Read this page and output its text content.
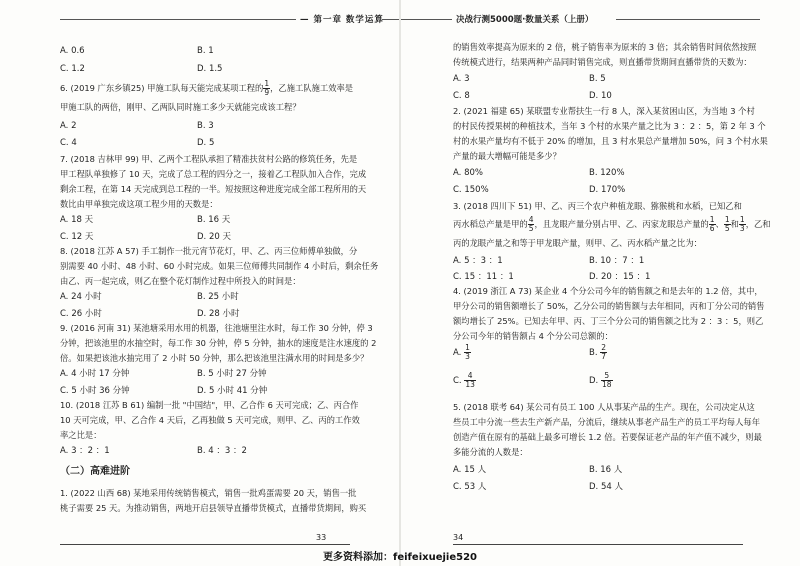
— 第一章 数学运算	决战行测5000题·数量关系（上册）

A. 0.6	B. 1

C. 1.2	D. 1.5

6. (2019 广东乡镇25) 甲施工队每天能完成某项工程的 $\frac{1}{9}$ ，乙施工队施工效率是

甲施工队的两倍，刚甲、乙两队同时施工多少天就能完成该工程？

A. 2	B. 3

C. 4	D. 5

7. (2018 吉林甲 99) 甲、乙两个工程队承担了精准扶贫村公路的修筑任务，先是

甲工程队单独修了 10 天，完成了总工程的四分之一，接着乙工程队加入合作，完成

剩余工程，在第 14 天完成到总工程的一半。短按照这种进度完成全部工程所用的天

数比由甲单独完成这项工程少用的天数是：

A. 18 天	B. 16 天

C. 12 天	D. 20 天

8. (2018 江苏 A 57) 手工制作一批元宵节花灯，甲、乙、丙三位师傅单独做，分

别需要 40 小时、48 小时、60 小时完成。如果三位师傅共同制作 4 小时后，剩余任务

由乙、丙一起完成，则乙在整个花灯制作过程中所投入的时间是：

A. 24 小时	B. 25 小时

C. 26 小时	D. 28 小时

9. (2016 河南 31) 某池塘采用水用的机器，往池塘里注水时，每工作 30 分钟，停 3

分钟，把该池里的水抽空时，每工作 30 分钟，停 5 分钟，抽水的速度是注水速度的 2

倍。如果把该池水抽完用了 2 小时 50 分钟，那么把该池里注满水用的时间是多少？

A. 4 小时 17 分钟	B. 5 小时 27 分钟

C. 5 小时 36 分钟	D. 5 小时 41 分钟

10. (2018 江苏 B 61) 编制一批 "中国结"，甲、乙合作 6 天可完成；乙、丙合作

10 天可完成，甲、乙合作 4 天后，乙再独做 5 天可完成，则甲、乙、丙的工作效

率之比是：

A. 3 ：2 ：1	B. 4 ：3 ：2

（二）高难进阶

1. (2022 山西 68) 某地采用传统销售模式，销售一批鸡蛋需要 20 天，销售一批

桃子需要 25 天。为推动销售，两地开启县领导直播带货模式，直播带货期间，购买

33

的销售效率提高为原来的 2 倍，桃子销售率为原来的 3 倍；其余销售时间依然按照

传统模式进行，结果两种产品同时销售完成，则直播带货期间直播带货的天数为：

A. 3	B. 5

C. 8	D. 10

2. (2021 福建 65) 某联盟专业帮扶生一行 8 人，深入某贫困山区，为当地 3 个村

的村民传授果树的种植技术，当年 3 个村的水果产量之比为 3 ：2 ：5，第 2 年 3 个

村的水果产量均有不低于 20% 的增加，且 3 村水果总产量增加 50%，问 3 个村水果

产量的最大增幅可能是多少？

A. 80%	B. 120%

C. 150%	D. 170%

3. (2018 四川下 51) 甲、乙、丙三个农户种植龙眼、猕猴桃和水稻，已知乙和

丙水稻总产量是甲的 $\frac{4}{5}$ ，且龙眼产量分别占甲、乙、丙家龙眼总产量的 $\frac{1}{6}$ 、 $\frac{1}{5}$ 和 $\frac{1}{3}$ ，乙和

丙的龙眼产量之和等于甲龙眼产量，则甲、乙、丙水稻产量之比为：

A. 5 ：3 ：1	B. 10 ：7 ：1

C. 15 ：11 ：1	D. 20 ：15 ：1

4. (2019 浙江 A 73) 某企业 4 个分公司今年的销售额之和是去年的 1.2 倍，其中，

甲分公司的销售额增长了 50%，乙分公司的销售额与去年相同，丙和丁分公司的销售

额均增长了 25%。已知去年甲、丙、丁三个分公司的销售额之比为 2 ：3 ：5，则乙

分公司今年的销售额占 4 个分公司总额的：

A. $\frac{1}{3}$	B. $\frac{2}{7}$

C. $\frac{4}{13}$	D. $\frac{5}{18}$

5. (2018 联考 64) 某公司有员工 100 人从事某产品的生产。现在，公司决定从这

些员工中分流一些去生产新产品，分流后，继续从事老产品生产的员工平均每人每年

创造产值在原有的基础上最多可增长 1.2 倍。若要保证老产品的年产值不减少，则最

多能分流的人数是：

A. 15 人	B. 16 人

C. 53 人	D. 54 人

34
更多资料添加：feifeixuejie520
